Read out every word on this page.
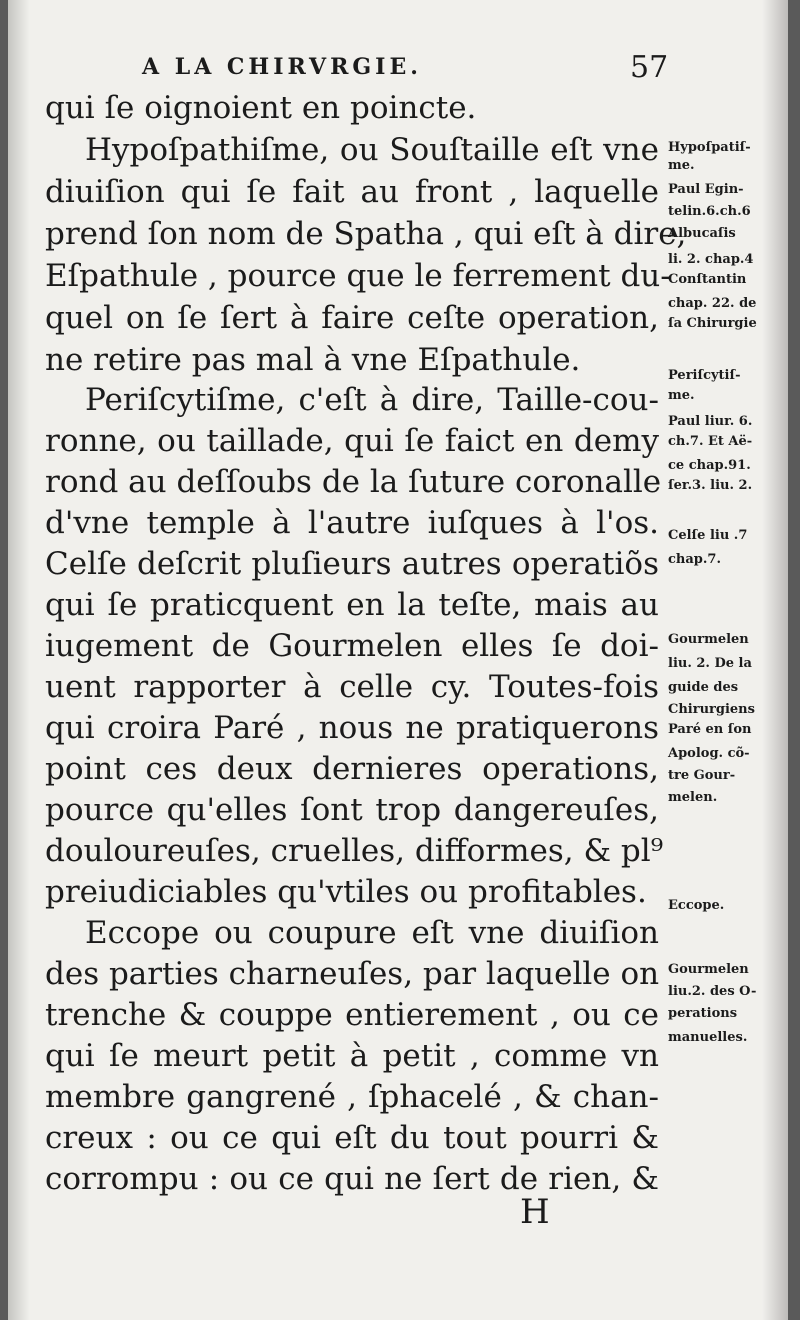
A LA CHIRVRGIE.	57
qui ſe oignoient en poincte.
Hypoſpathiſme, ou Souſtaille eſt vne
diuiſion qui ſe fait au front , laquelle
prend ſon nom de Spatha , qui eſt à dire,
Eſpathule , pource que le ferrement du-
quel on ſe ſert à faire ceſte operation,
ne retire pas mal à vne Eſpathule.
Periſcytiſme, c'eſt à dire, Taille-cou-
ronne, ou taillade, qui ſe faict en demy
rond au deſſoubs de la ſuture coronalle
d'vne temple à l'autre iuſques à l'os.
Celſe deſcrit pluſieurs autres operatiõs
qui ſe praticquent en la teſte, mais au
iugement de Gourmelen elles ſe doi-
uent rapporter à celle cy. Toutes-fois
qui croira Paré , nous ne pratiquerons
point ces deux dernieres operations,
pource qu'elles ſont trop dangereuſes,
douloureuſes, cruelles, difformes, & pl⁹
preiudiciables qu'vtiles ou profitables.
Eccope ou coupure eſt vne diuiſion
des parties charneuſes, par laquelle on
trenche & couppe entierement , ou ce
qui ſe meurt petit à petit , comme vn
membre gangrené , ſphacelé , & chan-
creux : ou ce qui eſt du tout pourri &
corrompu : ou ce qui ne ſert de rien, &
Hypoſpatiſ-
me.
Paul Egin-
telin.6.ch.6
Albucaſis
li. 2. chap.4
Conſtantin
chap. 22. de
ſa Chirurgie
Periſcytiſ-
me.
Paul liur. 6.
ch.7. Et Aë-
ce chap.91.
ſer.3. liu. 2.
Celſe liu .7
chap.7.
Gourmelen
liu. 2. De la
guide des
Chirurgiens
Paré en ſon
Apolog. cõ-
tre Gour-
melen.
Eccope.
Gourmelen
liu.2. des O-
perations
manuelles.
H
